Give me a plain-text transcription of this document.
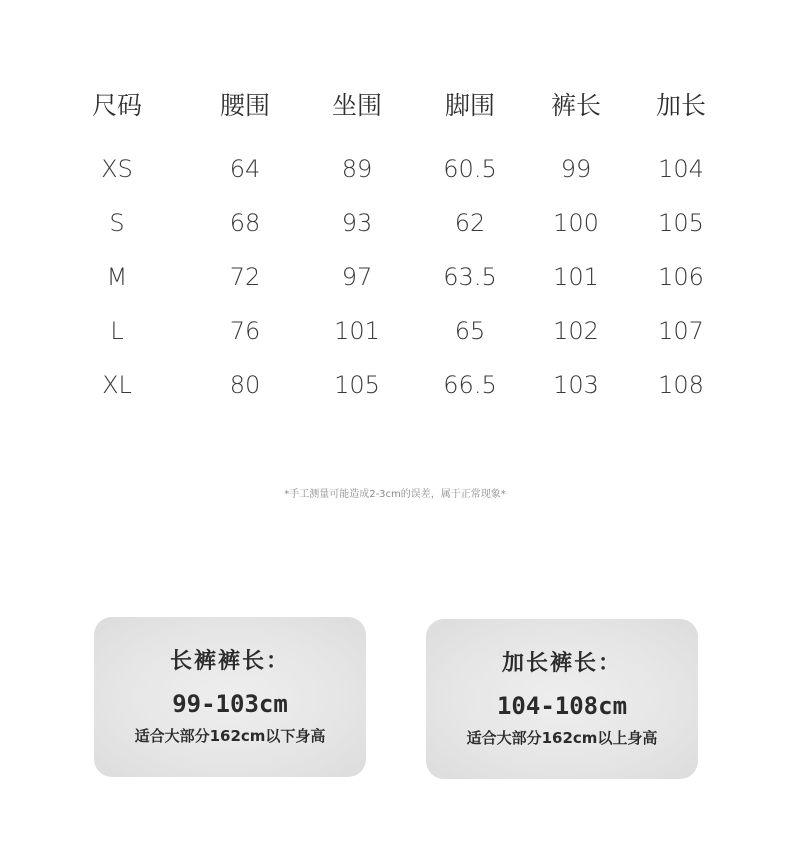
尺码	腰围 坐围	脚围 裤长 加长
XS	64	89	60.5	99	104
S	68	93	62	100 105
M	72	97	63.5 101 106
L	76	101	65	102 107
XL	80	105	66.5 103 108
*手工测量可能造成2-3cm的误差，属于正常现象*
长裤裤长：
99-103cm
适合大部分162cm以下身高
加长裤长：
104-108cm
适合大部分162cm以上身高
